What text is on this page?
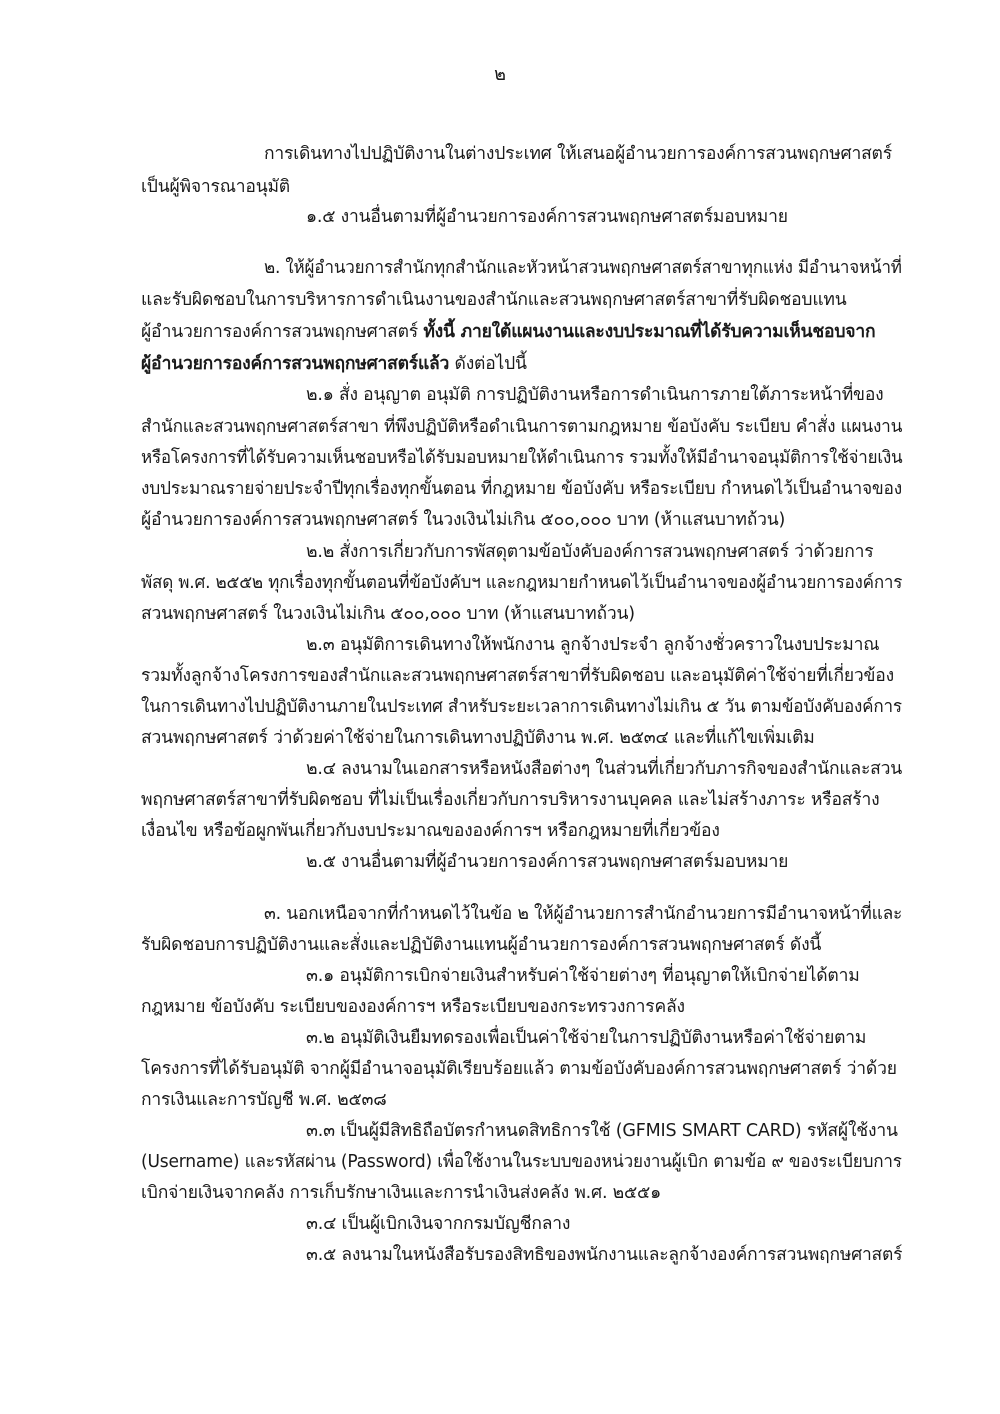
๒
การเดินทางไปปฏิบัติงานในต่างประเทศ ให้เสนอผู้อำนวยการองค์การสวนพฤกษศาสตร์
เป็นผู้พิจารณาอนุมัติ
๑.๕ งานอื่นตามที่ผู้อำนวยการองค์การสวนพฤกษศาสตร์มอบหมาย
๒. ให้ผู้อำนวยการสำนักทุกสำนักและหัวหน้าสวนพฤกษศาสตร์สาขาทุกแห่ง มีอำนาจหน้าที่
และรับผิดชอบในการบริหารการดำเนินงานของสำนักและสวนพฤกษศาสตร์สาขาที่รับผิดชอบแทน
ผู้อำนวยการองค์การสวนพฤกษศาสตร์ ทั้งนี้ ภายใต้แผนงานและงบประมาณที่ได้รับความเห็นชอบจาก
ผู้อำนวยการองค์การสวนพฤกษศาสตร์แล้ว ดังต่อไปนี้
๒.๑ สั่ง อนุญาต อนุมัติ การปฏิบัติงานหรือการดำเนินการภายใต้ภาระหน้าที่ของ
สำนักและสวนพฤกษศาสตร์สาขา ที่พึงปฏิบัติหรือดำเนินการตามกฎหมาย ข้อบังคับ ระเบียบ คำสั่ง แผนงาน
หรือโครงการที่ได้รับความเห็นชอบหรือได้รับมอบหมายให้ดำเนินการ รวมทั้งให้มีอำนาจอนุมัติการใช้จ่ายเงิน
งบประมาณรายจ่ายประจำปีทุกเรื่องทุกขั้นตอน ที่กฎหมาย ข้อบังคับ หรือระเบียบ กำหนดไว้เป็นอำนาจของ
ผู้อำนวยการองค์การสวนพฤกษศาสตร์ ในวงเงินไม่เกิน ๕๐๐,๐๐๐ บาท (ห้าแสนบาทถ้วน)
๒.๒ สั่งการเกี่ยวกับการพัสดุตามข้อบังคับองค์การสวนพฤกษศาสตร์ ว่าด้วยการ
พัสดุ พ.ศ. ๒๕๕๒ ทุกเรื่องทุกขั้นตอนที่ข้อบังคับฯ และกฎหมายกำหนดไว้เป็นอำนาจของผู้อำนวยการองค์การ
สวนพฤกษศาสตร์ ในวงเงินไม่เกิน ๕๐๐,๐๐๐ บาท (ห้าแสนบาทถ้วน)
๒.๓ อนุมัติการเดินทางให้พนักงาน ลูกจ้างประจำ ลูกจ้างชั่วคราวในงบประมาณ
รวมทั้งลูกจ้างโครงการของสำนักและสวนพฤกษศาสตร์สาขาที่รับผิดชอบ และอนุมัติค่าใช้จ่ายที่เกี่ยวข้อง
ในการเดินทางไปปฏิบัติงานภายในประเทศ สำหรับระยะเวลาการเดินทางไม่เกิน ๕ วัน ตามข้อบังคับองค์การ
สวนพฤกษศาสตร์ ว่าด้วยค่าใช้จ่ายในการเดินทางปฏิบัติงาน พ.ศ. ๒๕๓๔ และที่แก้ไขเพิ่มเติม
๒.๔ ลงนามในเอกสารหรือหนังสือต่างๆ ในส่วนที่เกี่ยวกับภารกิจของสำนักและสวน
พฤกษศาสตร์สาขาที่รับผิดชอบ ที่ไม่เป็นเรื่องเกี่ยวกับการบริหารงานบุคคล และไม่สร้างภาระ หรือสร้าง
เงื่อนไข หรือข้อผูกพันเกี่ยวกับงบประมาณขององค์การฯ หรือกฎหมายที่เกี่ยวข้อง
๒.๕ งานอื่นตามที่ผู้อำนวยการองค์การสวนพฤกษศาสตร์มอบหมาย
๓. นอกเหนือจากที่กำหนดไว้ในข้อ ๒ ให้ผู้อำนวยการสำนักอำนวยการมีอำนาจหน้าที่และ
รับผิดชอบการปฏิบัติงานและสั่งและปฏิบัติงานแทนผู้อำนวยการองค์การสวนพฤกษศาสตร์ ดังนี้
๓.๑ อนุมัติการเบิกจ่ายเงินสำหรับค่าใช้จ่ายต่างๆ ที่อนุญาตให้เบิกจ่ายได้ตาม
กฎหมาย ข้อบังคับ ระเบียบขององค์การฯ หรือระเบียบของกระทรวงการคลัง
๓.๒ อนุมัติเงินยืมทดรองเพื่อเป็นค่าใช้จ่ายในการปฏิบัติงานหรือค่าใช้จ่ายตาม
โครงการที่ได้รับอนุมัติ จากผู้มีอำนาจอนุมัติเรียบร้อยแล้ว ตามข้อบังคับองค์การสวนพฤกษศาสตร์ ว่าด้วย
การเงินและการบัญชี พ.ศ. ๒๕๓๘
๓.๓ เป็นผู้มีสิทธิถือบัตรกำหนดสิทธิการใช้ (GFMIS SMART CARD) รหัสผู้ใช้งาน
(Username) และรหัสผ่าน (Password) เพื่อใช้งานในระบบของหน่วยงานผู้เบิก ตามข้อ ๙ ของระเบียบการ
เบิกจ่ายเงินจากคลัง การเก็บรักษาเงินและการนำเงินส่งคลัง พ.ศ. ๒๕๕๑
๓.๔ เป็นผู้เบิกเงินจากกรมบัญชีกลาง
๓.๕ ลงนามในหนังสือรับรองสิทธิของพนักงานและลูกจ้างองค์การสวนพฤกษศาสตร์
